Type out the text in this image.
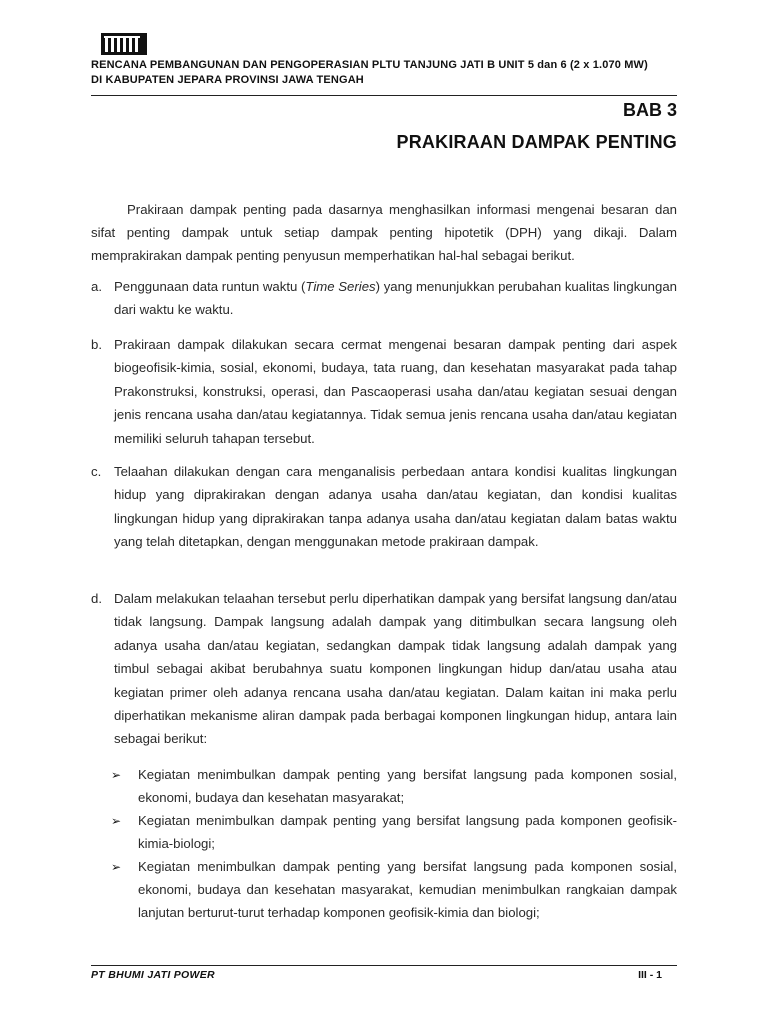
RENCANA PEMBANGUNAN DAN PENGOPERASIAN PLTU TANJUNG JATI B UNIT 5 dan 6 (2 x 1.070 MW)
DI KABUPATEN JEPARA PROVINSI JAWA TENGAH
BAB 3
PRAKIRAAN DAMPAK PENTING

Prakiraan dampak penting pada dasarnya menghasilkan informasi mengenai besaran dan sifat penting dampak untuk setiap dampak penting hipotetik (DPH) yang dikaji. Dalam memprakirakan dampak penting penyusun memperhatikan hal-hal sebagai berikut.

a. Penggunaan data runtun waktu (Time Series) yang menunjukkan perubahan kualitas lingkungan dari waktu ke waktu.
b. Prakiraan dampak dilakukan secara cermat mengenai besaran dampak penting dari aspek biogeofisik-kimia, sosial, ekonomi, budaya, tata ruang, dan kesehatan masyarakat pada tahap Prakonstruksi, konstruksi, operasi, dan Pascaoperasi usaha dan/atau kegiatan sesuai dengan jenis rencana usaha dan/atau kegiatannya. Tidak semua jenis rencana usaha dan/atau kegiatan memiliki seluruh tahapan tersebut.
c. Telaahan dilakukan dengan cara menganalisis perbedaan antara kondisi kualitas lingkungan hidup yang diprakirakan dengan adanya usaha dan/atau kegiatan, dan kondisi kualitas lingkungan hidup yang diprakirakan tanpa adanya usaha dan/atau kegiatan dalam batas waktu yang telah ditetapkan, dengan menggunakan metode prakiraan dampak.
d. Dalam melakukan telaahan tersebut perlu diperhatikan dampak yang bersifat langsung dan/atau tidak langsung. Dampak langsung adalah dampak yang ditimbulkan secara langsung oleh adanya usaha dan/atau kegiatan, sedangkan dampak tidak langsung adalah dampak yang timbul sebagai akibat berubahnya suatu komponen lingkungan hidup dan/atau usaha atau kegiatan primer oleh adanya rencana usaha dan/atau kegiatan. Dalam kaitan ini maka perlu diperhatikan mekanisme aliran dampak pada berbagai komponen lingkungan hidup, antara lain sebagai berikut:
➢	Kegiatan menimbulkan dampak penting yang bersifat langsung pada komponen sosial, ekonomi, budaya dan kesehatan masyarakat;
➢	Kegiatan menimbulkan dampak penting yang bersifat langsung pada komponen geofisik-kimia-biologi;
➢	Kegiatan menimbulkan dampak penting yang bersifat langsung pada komponen sosial, ekonomi, budaya dan kesehatan masyarakat, kemudian menimbulkan rangkaian dampak lanjutan berturut-turut terhadap komponen geofisik-kimia dan biologi;
PT BHUMI JATI POWER	III - 1
